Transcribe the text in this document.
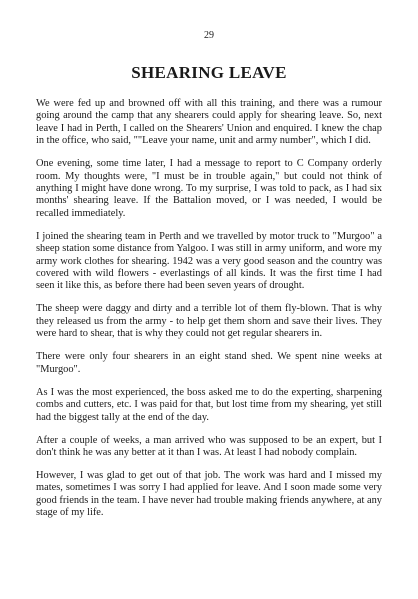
29
SHEARING LEAVE

We were fed up and browned off with all this training, and there was a rumour going around the camp that any shearers could apply for shearing leave. So, next leave I had in Perth, I called on the Shearers' Union and enquired. I knew the chap in the office, who said, ""Leave your name, unit and army number", which I did.

One evening, some time later, I had a message to report to C Company orderly room. My thoughts were, "I must be in trouble again," but could not think of anything I might have done wrong. To my surprise, I was told to pack, as I had six months' shearing leave. If the Battalion moved, or I was needed, I would be recalled immediately.

I joined the shearing team in Perth and we travelled by motor truck to "Murgoo" a sheep station some distance from Yalgoo. I was still in army uniform, and wore my army work clothes for shearing. 1942 was a very good season and the country was covered with wild flowers - everlastings of all kinds. It was the first time I had seen it like this, as before there had been seven years of drought.

The sheep were daggy and dirty and a terrible lot of them fly-blown. That is why they released us from the army - to help get them shorn and save their lives. They were hard to shear, that is why they could not get regular shearers in.

There were only four shearers in an eight stand shed. We spent nine weeks at "Murgoo".

As I was the most experienced, the boss asked me to do the experting, sharpening combs and cutters, etc. I was paid for that, but lost time from my shearing, yet still had the biggest tally at the end of the day.

After a couple of weeks, a man arrived who was supposed to be an expert, but I don't think he was any better at it than I was. At least I had nobody complain.

However, I was glad to get out of that job. The work was hard and I missed my mates, sometimes I was sorry I had applied for leave. And I soon made some very good friends in the team. I have never had trouble making friends anywhere, at any stage of my life.
